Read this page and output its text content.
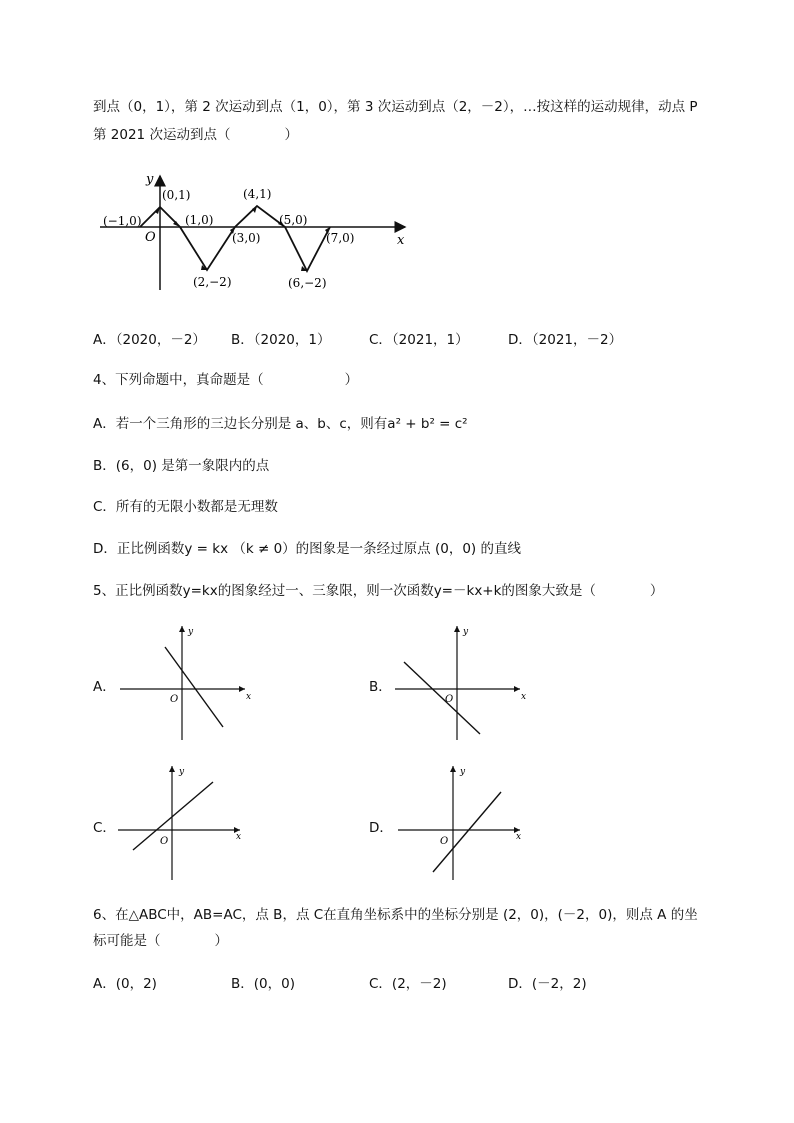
到点（0，1），第 2 次运动到点（1，0），第 3 次运动到点（2，－2），…按这样的运动规律，动点 P
第 2021 次运动到点（　　　　）
y
x
O
(−1,0)
(0,1)
(1,0)
(2,−2)
(3,0)
(4,1)
(5,0)
(6,−2)
(7,0)
A．（2020，－2） B．（2020，1）	C．（2021，1）	D．（2021，－2）
4、下列命题中，真命题是（　　　　　　）
A．若一个三角形的三边长分别是 a、b、c，则有a² + b² = c²
B．(6，0) 是第一象限内的点
C．所有的无限小数都是无理数
D．正比例函数y = kx （k ≠ 0）的图象是一条经过原点 (0，0) 的直线
5、正比例函数y=kx的图象经过一、三象限，则一次函数y=－kx+k的图象大致是（　　　　）
A．
y
x
O
B．
y
x
O
C．
y
x
O
D．
y
x
O
6、在△ABC中，AB=AC，点 B，点 C在直角坐标系中的坐标分别是 (2，0)，(－2，0)，则点 A 的坐
标可能是（　　　　）
A．(0，2)	B．(0，0)	C．(2，－2)	D．(－2，2)
